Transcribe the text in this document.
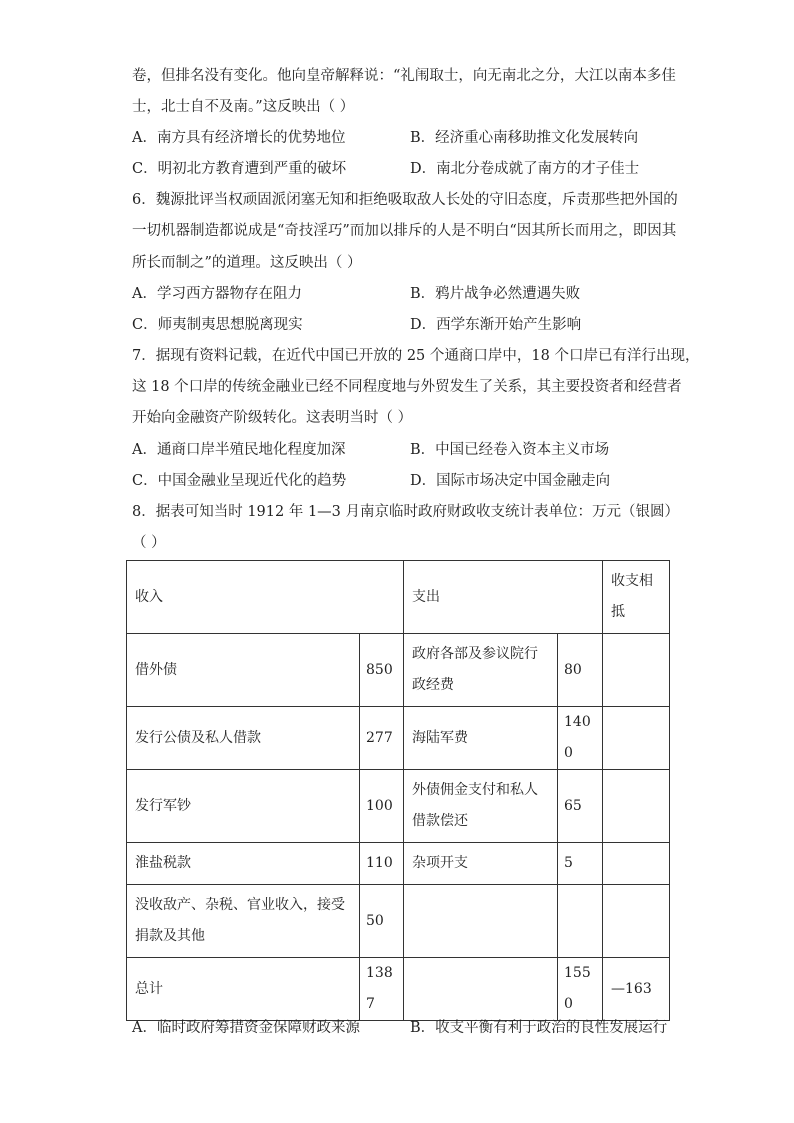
卷，但排名没有变化。他向皇帝解释说：“礼闱取士，向无南北之分，大江以南本多佳
士，北士自不及南。”这反映出（ ）
A．南方具有经济增长的优势地位	B．经济重心南移助推文化发展转向
C．明初北方教育遭到严重的破坏	D．南北分卷成就了南方的才子佳士
6．魏源批评当权顽固派闭塞无知和拒绝吸取敌人长处的守旧态度，斥责那些把外国的
一切机器制造都说成是“奇技淫巧”而加以排斥的人是不明白“因其所长而用之，即因其
所长而制之”的道理。这反映出（ ）
A．学习西方器物存在阻力	B．鸦片战争必然遭遇失败
C．师夷制夷思想脱离现实	D．西学东渐开始产生影响
7．据现有资料记载，在近代中国已开放的 25 个通商口岸中，18 个口岸已有洋行出现，
这 18 个口岸的传统金融业已经不同程度地与外贸发生了关系，其主要投资者和经营者
开始向金融资产阶级转化。这表明当时（ ）
A．通商口岸半殖民地化程度加深	B．中国已经卷入资本主义市场
C．中国金融业呈现近代化的趋势	D．国际市场决定中国金融走向
8．据表可知当时 1912 年 1—3 月南京临时政府财政收支统计表单位：万元（银圆）
（ ）
收入		支出		收支相抵
借外债	850	政府各部及参议院行政经费	80	
发行公债及私人借款	277	海陆军费	1400	
发行军钞	100	外债佣金支付和私人借款偿还	65	
淮盐税款	110	杂项开支	5	
没收敌产、杂税、官业收入，接受捐款及其他	50			
总计	1387		1550	—163
A．临时政府筹措资金保障财政来源	B．收支平衡有利于政治的良性发展运行
